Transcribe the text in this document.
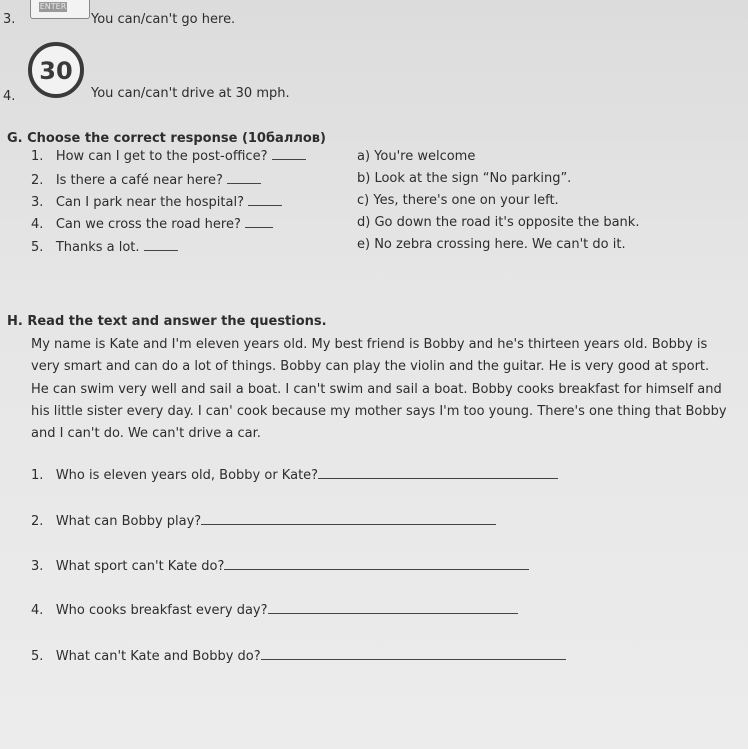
ENTER
3.	You can/can't go here.
30
4.	You can/can't drive at 30 mph.
G. Choose the correct response (10баллов)
1. How can I get to the post-office?
2. Is there a café near here?
3. Can I park near the hospital?
4. Can we cross the road here?
5. Thanks a lot.
a) You're welcome
b) Look at the sign “No parking”.
c) Yes, there's one on your left.
d) Go down the road it's opposite the bank.
e) No zebra crossing here. We can't do it.
H. Read the text and answer the questions.
My name is Kate and I'm eleven years old. My best friend is Bobby and he's thirteen years old. Bobby is very smart and can do a lot of things. Bobby can play the violin and the guitar. He is very good at sport. He can swim very well and sail a boat. I can't swim and sail a boat. Bobby cooks breakfast for himself and his little sister every day. I can' cook because my mother says I'm too young. There's one thing that Bobby and I can't do. We can't drive a car.
1. Who is eleven years old, Bobby or Kate?
2. What can Bobby play?
3. What sport can't Kate do?
4. Who cooks breakfast every day?
5. What can't Kate and Bobby do?
